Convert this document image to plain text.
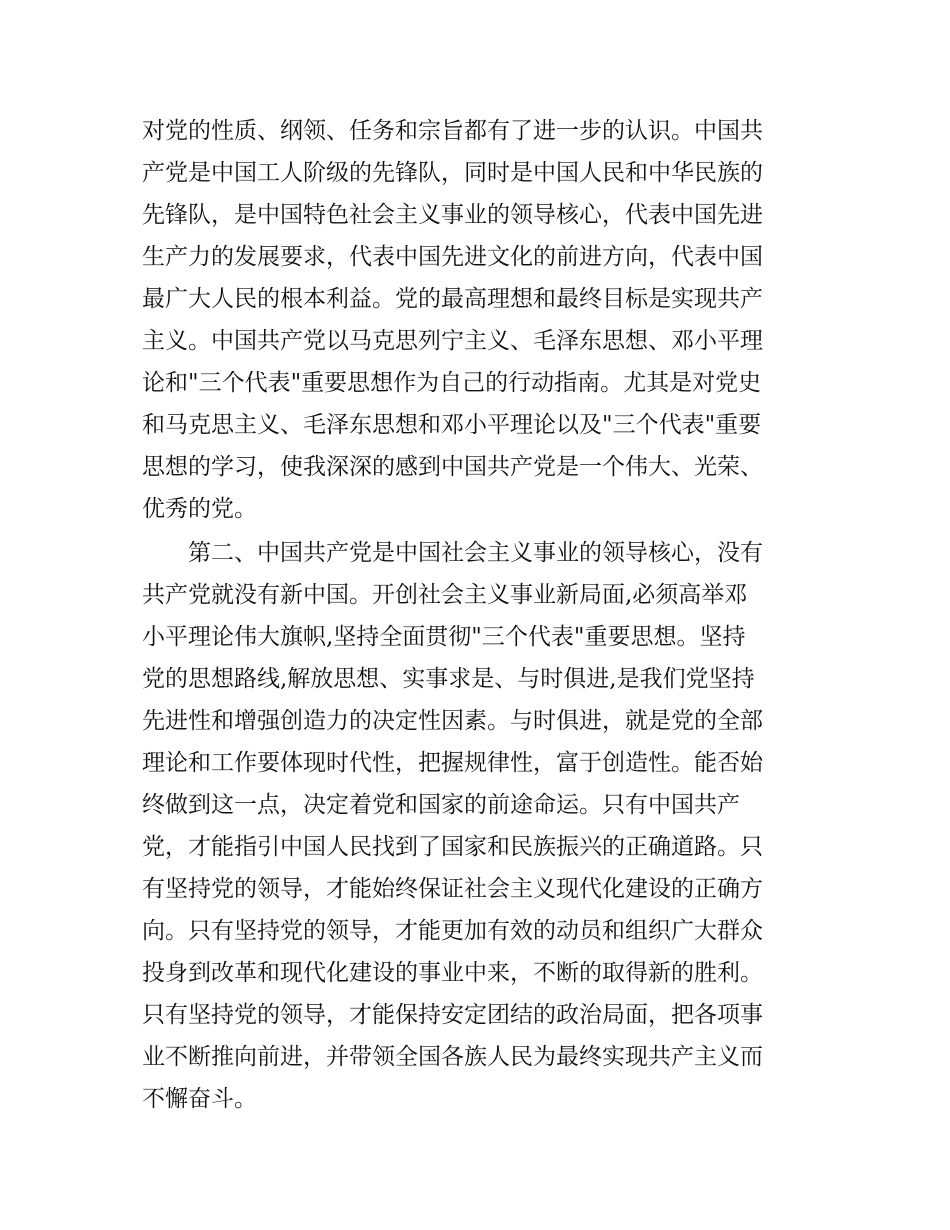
对党的性质、纲领、任务和宗旨都有了进一步的认识。中国共
产党是中国工人阶级的先锋队，同时是中国人民和中华民族的
先锋队，是中国特色社会主义事业的领导核心，代表中国先进
生产力的发展要求，代表中国先进文化的前进方向，代表中国
最广大人民的根本利益。党的最高理想和最终目标是实现共产
主义。中国共产党以马克思列宁主义、毛泽东思想、邓小平理
论和"三个代表"重要思想作为自己的行动指南。尤其是对党史
和马克思主义、毛泽东思想和邓小平理论以及"三个代表"重要
思想的学习，使我深深的感到中国共产党是一个伟大、光荣、
优秀的党。
　　第二、中国共产党是中国社会主义事业的领导核心，没有
共产党就没有新中国。开创社会主义事业新局面,必须高举邓
小平理论伟大旗帜,坚持全面贯彻"三个代表"重要思想。坚持
党的思想路线,解放思想、实事求是、与时俱进,是我们党坚持
先进性和增强创造力的决定性因素。与时俱进，就是党的全部
理论和工作要体现时代性，把握规律性，富于创造性。能否始
终做到这一点，决定着党和国家的前途命运。只有中国共产
党，才能指引中国人民找到了国家和民族振兴的正确道路。只
有坚持党的领导，才能始终保证社会主义现代化建设的正确方
向。只有坚持党的领导，才能更加有效的动员和组织广大群众
投身到改革和现代化建设的事业中来，不断的取得新的胜利。
只有坚持党的领导，才能保持安定团结的政治局面，把各项事
业不断推向前进，并带领全国各族人民为最终实现共产主义而
不懈奋斗。
